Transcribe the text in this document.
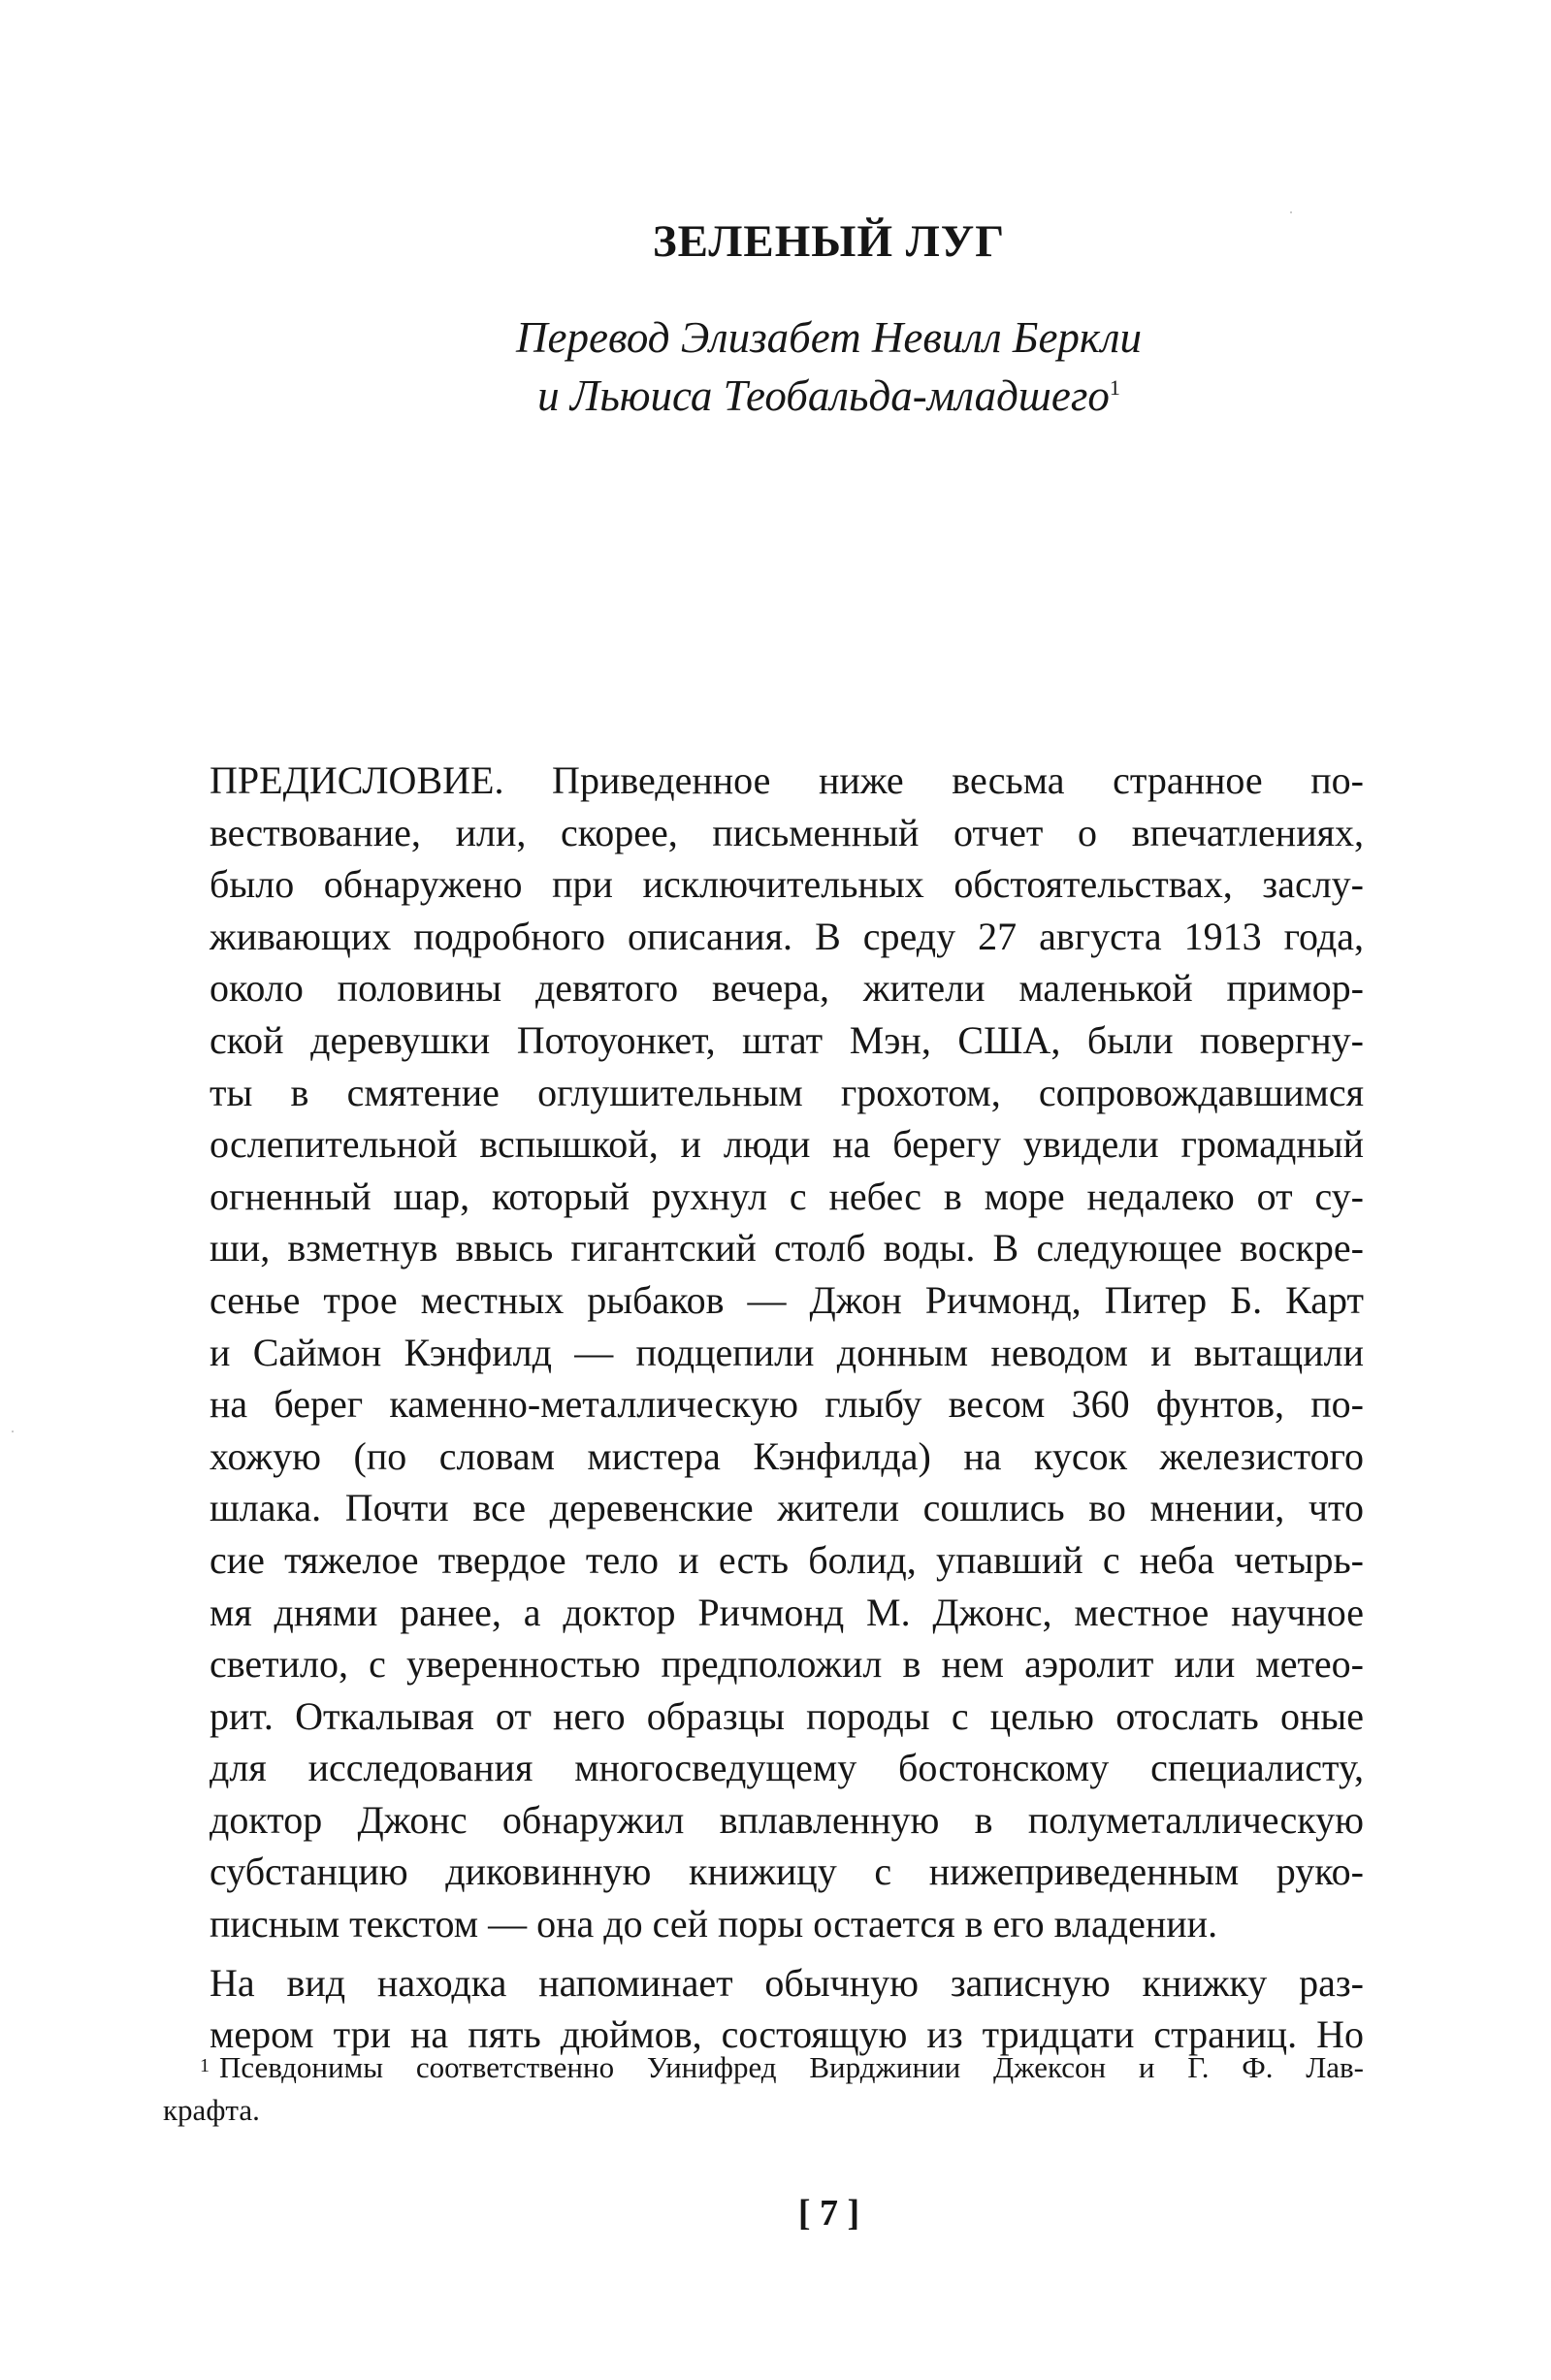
ЗЕЛЕНЫЙ ЛУГ
Перевод Элизабет Невилл Беркли
и Льюиса Теобальда-младшего$^1$
ПРЕДИСЛОВИЕ. Приведенное ниже весьма странное по-
вествование, или, скорее, письменный отчет о впечатлениях,
было обнаружено при исключительных обстоятельствах, заслу-
живающих подробного описания. В среду 27 августа 1913 года,
около половины девятого вечера, жители маленькой примор-
ской деревушки Потоуонкет, штат Мэн, США, были повергну-
ты в смятение оглушительным грохотом, сопровождавшимся
ослепительной вспышкой, и люди на берегу увидели громадный
огненный шар, который рухнул с небес в море недалеко от су-
ши, взметнув ввысь гигантский столб воды. В следующее воскре-
сенье трое местных рыбаков — Джон Ричмонд, Питер Б. Карт
и Саймон Кэнфилд — подцепили донным неводом и вытащили
на берег каменно-металлическую глыбу весом 360 фунтов, по-
хожую (по словам мистера Кэнфилда) на кусок железистого
шлака. Почти все деревенские жители сошлись во мнении, что
сие тяжелое твердое тело и есть болид, упавший с неба четырь-
мя днями ранее, а доктор Ричмонд М. Джонс, местное научное
светило, с уверенностью предположил в нем аэролит или метео-
рит. Откалывая от него образцы породы с целью отослать оные
для исследования многосведущему бостонскому специалисту,
доктор Джонс обнаружил вплавленную в полуметаллическую
субстанцию диковинную книжицу с нижеприведенным руко-
писным текстом — она до сей поры остается в его владении.
На вид находка напоминает обычную записную книжку раз-
мером три на пять дюймов, состоящую из тридцати страниц. Но
1 Псевдонимы соответственно Уинифред Вирджинии Джексон и Г. Ф. Лав-
крафта.
[ 7 ]
